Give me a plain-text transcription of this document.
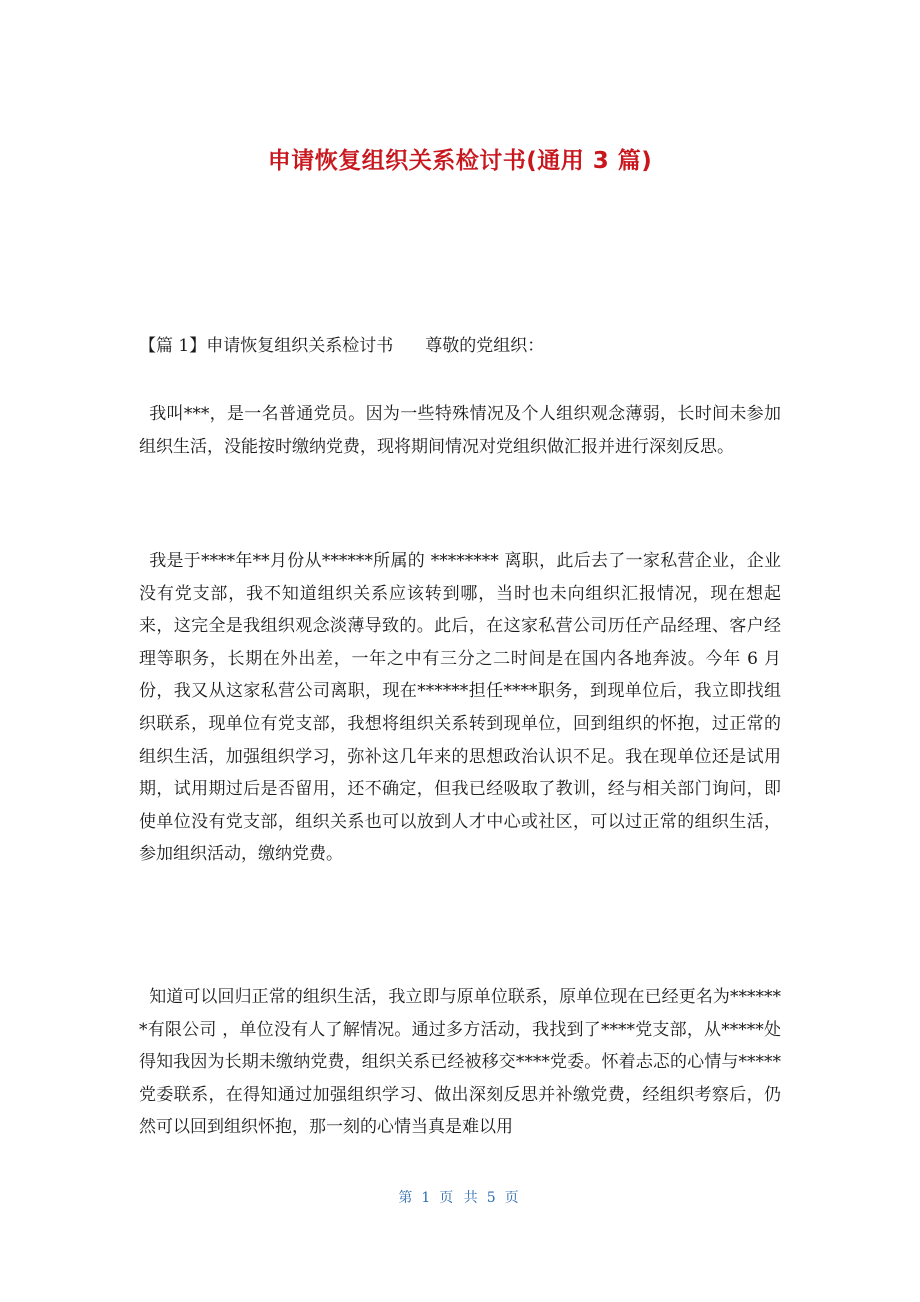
申请恢复组织关系检讨书(通用 3 篇)

【篇 1】申请恢复组织关系检讨书 尊敬的党组织：

我叫***，是一名普通党员。因为一些特殊情况及个人组织观念薄弱，长时间未参加组织生活，没能按时缴纳党费，现将期间情况对党组织做汇报并进行深刻反思。

我是于****年**月份从******所属的 ******** 离职，此后去了一家私营企业，企业没有党支部，我不知道组织关系应该转到哪，当时也未向组织汇报情况，现在想起来，这完全是我组织观念淡薄导致的。此后，在这家私营公司历任产品经理、客户经理等职务，长期在外出差，一年之中有三分之二时间是在国内各地奔波。今年 6 月份，我又从这家私营公司离职，现在******担任****职务，到现单位后，我立即找组织联系，现单位有党支部，我想将组织关系转到现单位，回到组织的怀抱，过正常的组织生活，加强组织学习，弥补这几年来的思想政治认识不足。我在现单位还是试用期，试用期过后是否留用，还不确定，但我已经吸取了教训，经与相关部门询问，即使单位没有党支部，组织关系也可以放到人才中心或社区，可以过正常的组织生活，参加组织活动，缴纳党费。

知道可以回归正常的组织生活，我立即与原单位联系，原单位现在已经更名为*******有限公司 ，单位没有人了解情况。通过多方活动，我找到了****党支部，从*****处得知我因为长期未缴纳党费，组织关系已经被移交****党委。怀着忐忑的心情与*****党委联系，在得知通过加强组织学习、做出深刻反思并补缴党费，经组织考察后，仍然可以回到组织怀抱，那一刻的心情当真是难以用

第 1 页 共 5 页
